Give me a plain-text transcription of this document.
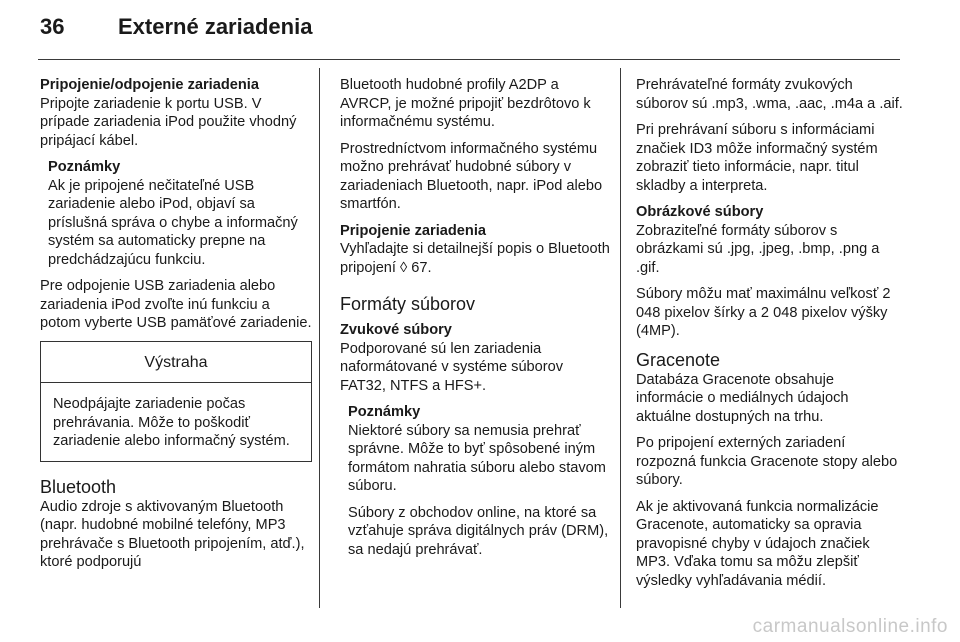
36	Externé zariadenia

Pripojenie/odpojenie zariadenia

Pripojte zariadenie k portu USB. V prípade zariadenia iPod použite vhodný pripájací kábel.

Poznámky
Ak je pripojené nečitateľné USB zariadenie alebo iPod, objaví sa príslušná správa o chybe a informačný systém sa automaticky prepne na predchádzajúcu funkciu.

Pre odpojenie USB zariadenia alebo zariadenia iPod zvoľte inú funkciu a potom vyberte USB pamäťové zariadenie.

Výstraha
Neodpájajte zariadenie počas prehrávania. Môže to poškodiť zariadenie alebo informačný systém.
Bluetooth

Audio zdroje s aktivovaným Bluetooth (napr. hudobné mobilné telefóny, MP3 prehrávače s Bluetooth pripojením, atď.), ktoré podporujú

Bluetooth hudobné profily A2DP a AVRCP, je možné pripojiť bezdrôtovo k informačnému systému.

Prostredníctvom informačného systému možno prehrávať hudobné súbory v zariadeniach Bluetooth, napr. iPod alebo smartfón.

Pripojenie zariadenia

Vyhľadajte si detailnejší popis o Bluetooth pripojení ◊ 67.

Formáty súborov

Zvukové súbory

Podporované sú len zariadenia naformátované v systéme súborov FAT32, NTFS a HFS+.

Poznámky

Niektoré súbory sa nemusia prehrať správne. Môže to byť spôsobené iným formátom nahratia súboru alebo stavom súboru.

Súbory z obchodov online, na ktoré sa vzťahuje správa digitálnych práv (DRM), sa nedajú prehrávať.

Prehrávateľné formáty zvukových súborov sú .mp3, .wma, .aac, .m4a a .aif.

Pri prehrávaní súboru s informáciami značiek ID3 môže informačný systém zobraziť tieto informácie, napr. titul skladby a interpreta.

Obrázkové súbory

Zobraziteľné formáty súborov s obrázkami sú .jpg, .jpeg, .bmp, .png a .gif.

Súbory môžu mať maximálnu veľkosť 2 048 pixelov šírky a 2 048 pixelov výšky (4MP).

Gracenote

Databáza Gracenote obsahuje informácie o mediálnych údajoch aktuálne dostupných na trhu.

Po pripojení externých zariadení rozpozná funkcia Gracenote stopy alebo súbory.

Ak je aktivovaná funkcia normalizácie Gracenote, automaticky sa opravia pravopisné chyby v údajoch značiek MP3. Vďaka tomu sa môžu zlepšiť výsledky vyhľadávania médií.

carmanualsonline.info
